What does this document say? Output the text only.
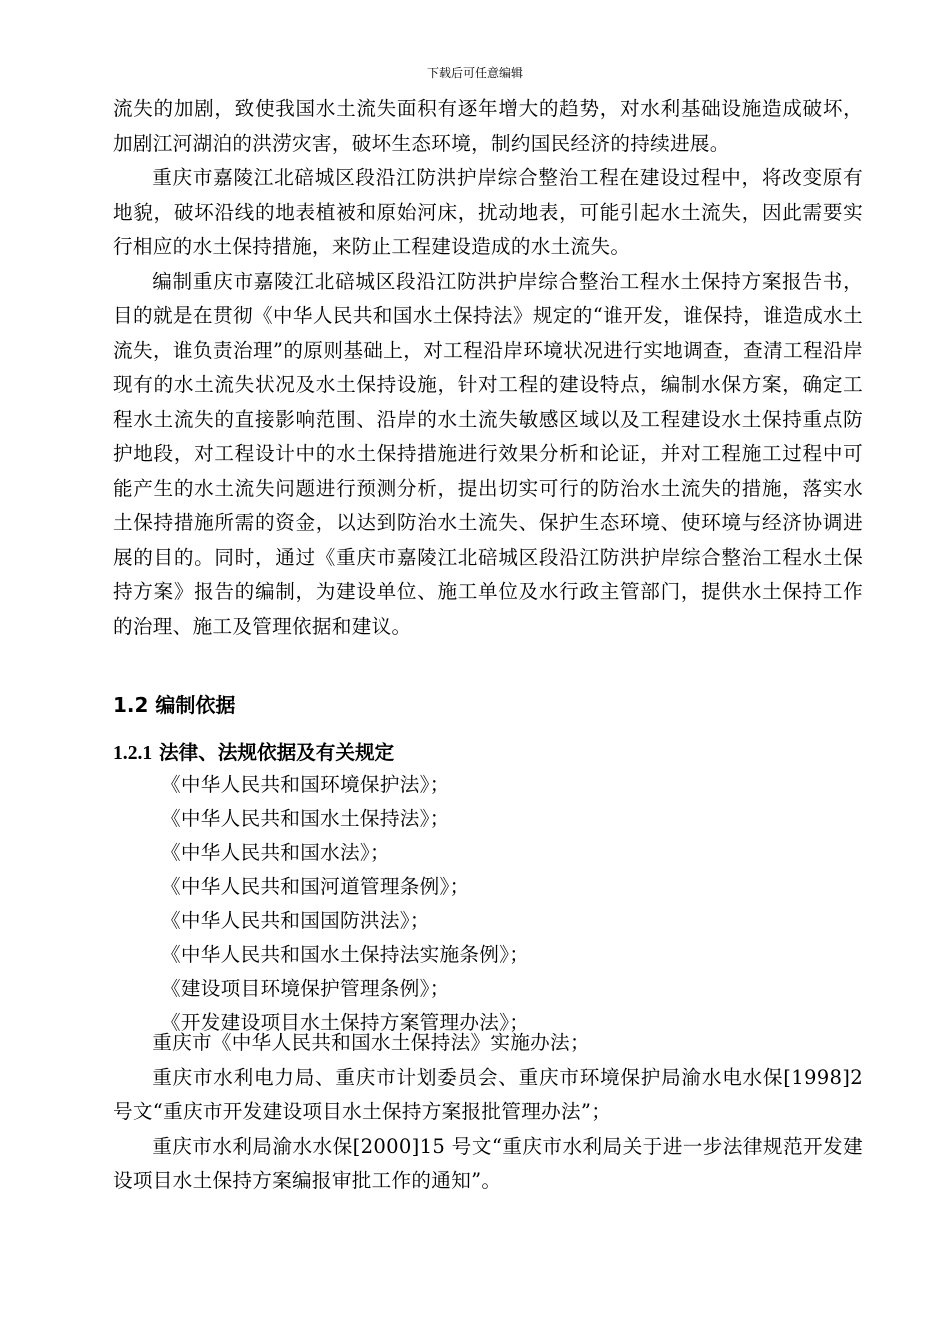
下载后可任意编辑

流失的加剧，致使我国水土流失面积有逐年增大的趋势，对水利基础设施造成破坏，加剧江河湖泊的洪涝灾害，破坏生态环境，制约国民经济的持续进展。

重庆市嘉陵江北碚城区段沿江防洪护岸综合整治工程在建设过程中，将改变原有地貌，破坏沿线的地表植被和原始河床，扰动地表，可能引起水土流失，因此需要实行相应的水土保持措施，来防止工程建设造成的水土流失。

编制重庆市嘉陵江北碚城区段沿江防洪护岸综合整治工程水土保持方案报告书，目的就是在贯彻《中华人民共和国水土保持法》规定的“谁开发，谁保持，谁造成水土流失，谁负责治理”的原则基础上，对工程沿岸环境状况进行实地调查，查清工程沿岸现有的水土流失状况及水土保持设施，针对工程的建设特点，编制水保方案，确定工程水土流失的直接影响范围、沿岸的水土流失敏感区域以及工程建设水土保持重点防护地段，对工程设计中的水土保持措施进行效果分析和论证，并对工程施工过程中可能产生的水土流失问题进行预测分析，提出切实可行的防治水土流失的措施，落实水土保持措施所需的资金，以达到防治水土流失、保护生态环境、使环境与经济协调进展的目的。同时，通过《重庆市嘉陵江北碚城区段沿江防洪护岸综合整治工程水土保持方案》报告的编制，为建设单位、施工单位及水行政主管部门，提供水土保持工作的治理、施工及管理依据和建议。

1.2 编制依据
1.2.1 法律、法规依据及有关规定
《中华人民共和国环境保护法》；
《中华人民共和国水土保持法》；
《中华人民共和国水法》；
《中华人民共和国河道管理条例》；
《中华人民共和国国防洪法》；
《中华人民共和国水土保持法实施条例》；
《建设项目环境保护管理条例》；
《开发建设项目水土保持方案管理办法》；

重庆市《中华人民共和国水土保持法》实施办法；

重庆市水利电力局、重庆市计划委员会、重庆市环境保护局渝水电水保[1998]2 号文“重庆市开发建设项目水土保持方案报批管理办法”；

重庆市水利局渝水水保[2000]15 号文“重庆市水利局关于进一步法律规范开发建设项目水土保持方案编报审批工作的通知”。
